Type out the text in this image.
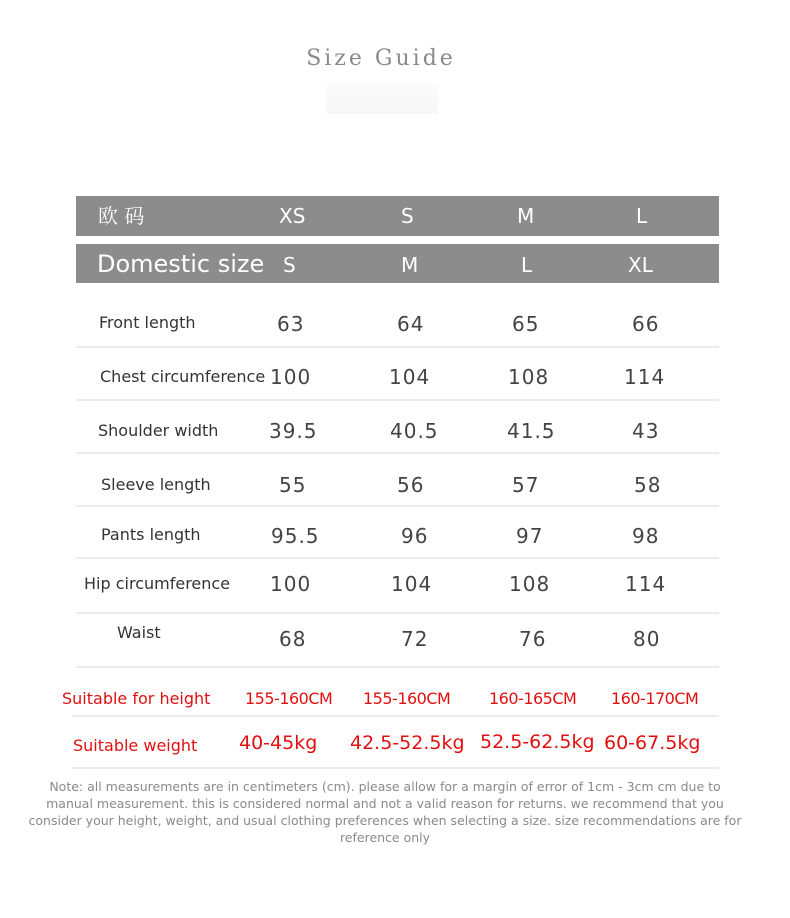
Size Guide
欧 码	XS	S	M	L
Domestic size S	M	L	XL
Front length	63	64	65	66
Chest circumference 100	104	108	114
Shoulder width	39.5	40.5	41.5	43
Sleeve length	55	56	57	58
Pants length	95.5	96	97	98
Hip circumference 100	104	108	114
Waist	68	72	76	80
Suitable for height 155-160CM 155-160CM 160-165CM 160-170CM
Suitable weight 40-45kg 42.5-52.5kg 52.5-62.5kg 60-67.5kg
Note: all measurements are in centimeters (cm). please allow for a margin of error of 1cm - 3cm cm due to manual measurement. this is considered normal and not a valid reason for returns. we recommend that you consider your height, weight, and usual clothing preferences when selecting a size. size recommendations are for reference only
